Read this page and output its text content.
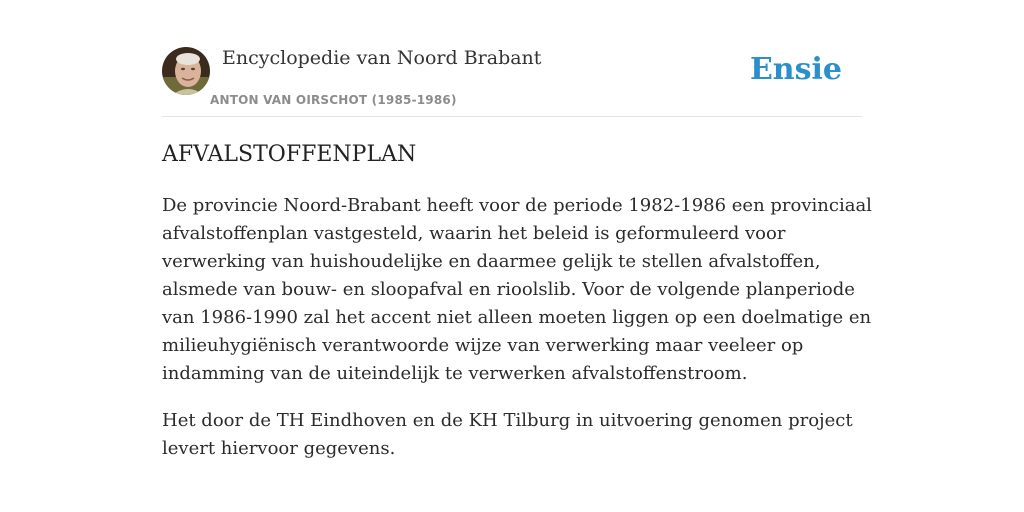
Encyclopedie van Noord Brabant
ANTON VAN OIRSCHOT (1985-1986)
Ensie
AFVALSTOFFENPLAN

De provincie Noord-Brabant heeft voor de periode 1982-1986 een provinciaal afvalstoffenplan vastgesteld, waarin het beleid is geformuleerd voor verwerking van huishoudelijke en daarmee gelijk te stellen afvalstoffen, alsmede van bouw- en sloopafval en rioolslib. Voor de volgende planperiode van 1986-1990 zal het accent niet alleen moeten liggen op een doelmatige en milieuhygiënisch verantwoorde wijze van verwerking maar veeleer op indamming van de uiteindelijk te verwerken afvalstoffenstroom.

Het door de TH Eindhoven en de KH Tilburg in uitvoering genomen project levert hiervoor gegevens.
